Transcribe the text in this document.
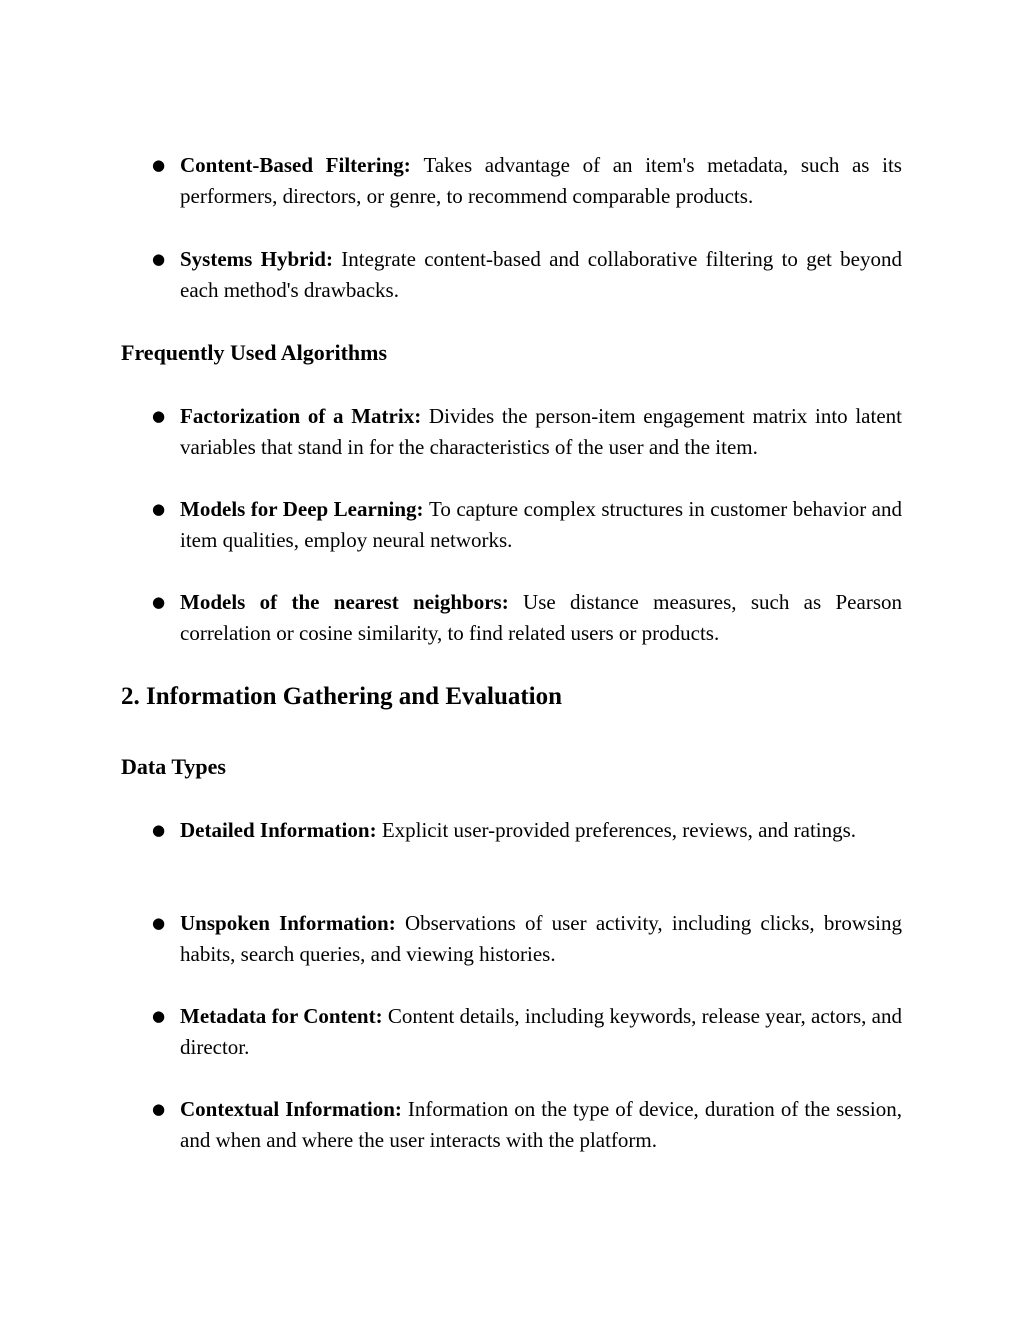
● Content-Based Filtering: Takes advantage of an item's metadata, such as its performers, directors, or genre, to recommend comparable products.
● Systems Hybrid: Integrate content-based and collaborative filtering to get beyond each method's drawbacks.
Frequently Used Algorithms
● Factorization of a Matrix: Divides the person-item engagement matrix into latent variables that stand in for the characteristics of the user and the item.
● Models for Deep Learning: To capture complex structures in customer behavior and item qualities, employ neural networks.
● Models of the nearest neighbors: Use distance measures, such as Pearson correlation or cosine similarity, to find related users or products.
2. Information Gathering and Evaluation
Data Types
● Detailed Information: Explicit user-provided preferences, reviews, and ratings.
● Unspoken Information: Observations of user activity, including clicks, browsing habits, search queries, and viewing histories.
● Metadata for Content: Content details, including keywords, release year, actors, and director.
● Contextual Information: Information on the type of device, duration of the session, and when and where the user interacts with the platform.
